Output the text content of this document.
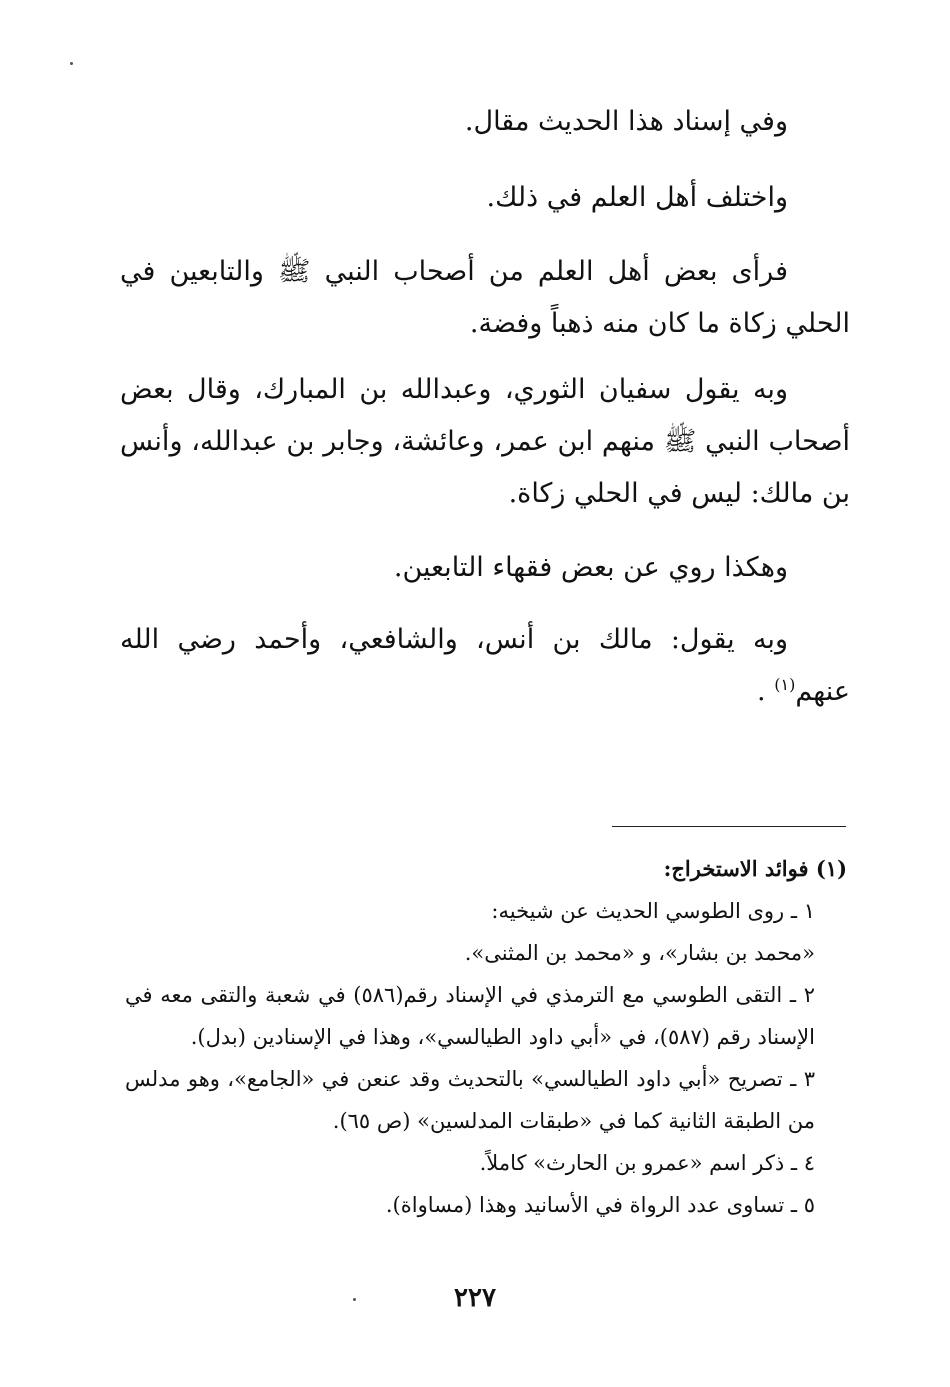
وفي إسناد هذا الحديث مقال.

واختلف أهل العلم في ذلك.

فرأى بعض أهل العلم من أصحاب النبي ﷺ والتابعين في الحلي زكاة ما كان منه ذهباً وفضة.

وبه يقول سفيان الثوري، وعبدالله بن المبارك، وقال بعض أصحاب النبي ﷺ منهم ابن عمر، وعائشة، وجابر بن عبدالله، وأنس بن مالك: ليس في الحلي زكاة.

وهكذا روي عن بعض فقهاء التابعين.

وبه يقول: مالك بن أنس، والشافعي، وأحمد رضي الله عنهم$^{(١)}$ .

(١) فوائد الاستخراج:

١ ـ روى الطوسي الحديث عن شيخيه:

«محمد بن بشار»، و «محمد بن المثنى».

٢ ـ التقى الطوسي مع الترمذي في الإسناد رقم(٥٨٦) في شعبة والتقى معه في الإسناد رقم (٥٨٧)، في «أبي داود الطيالسي»، وهذا في الإسنادين (بدل).

٣ ـ تصريح «أبي داود الطيالسي» بالتحديث وقد عنعن في «الجامع»، وهو مدلس من الطبقة الثانية كما في «طبقات المدلسين» (ص ٦٥).

٤ ـ ذكر اسم «عمرو بن الحارث» كاملاً.

٥ ـ تساوى عدد الرواة في الأسانيد وهذا (مساواة).

٢٢٧
